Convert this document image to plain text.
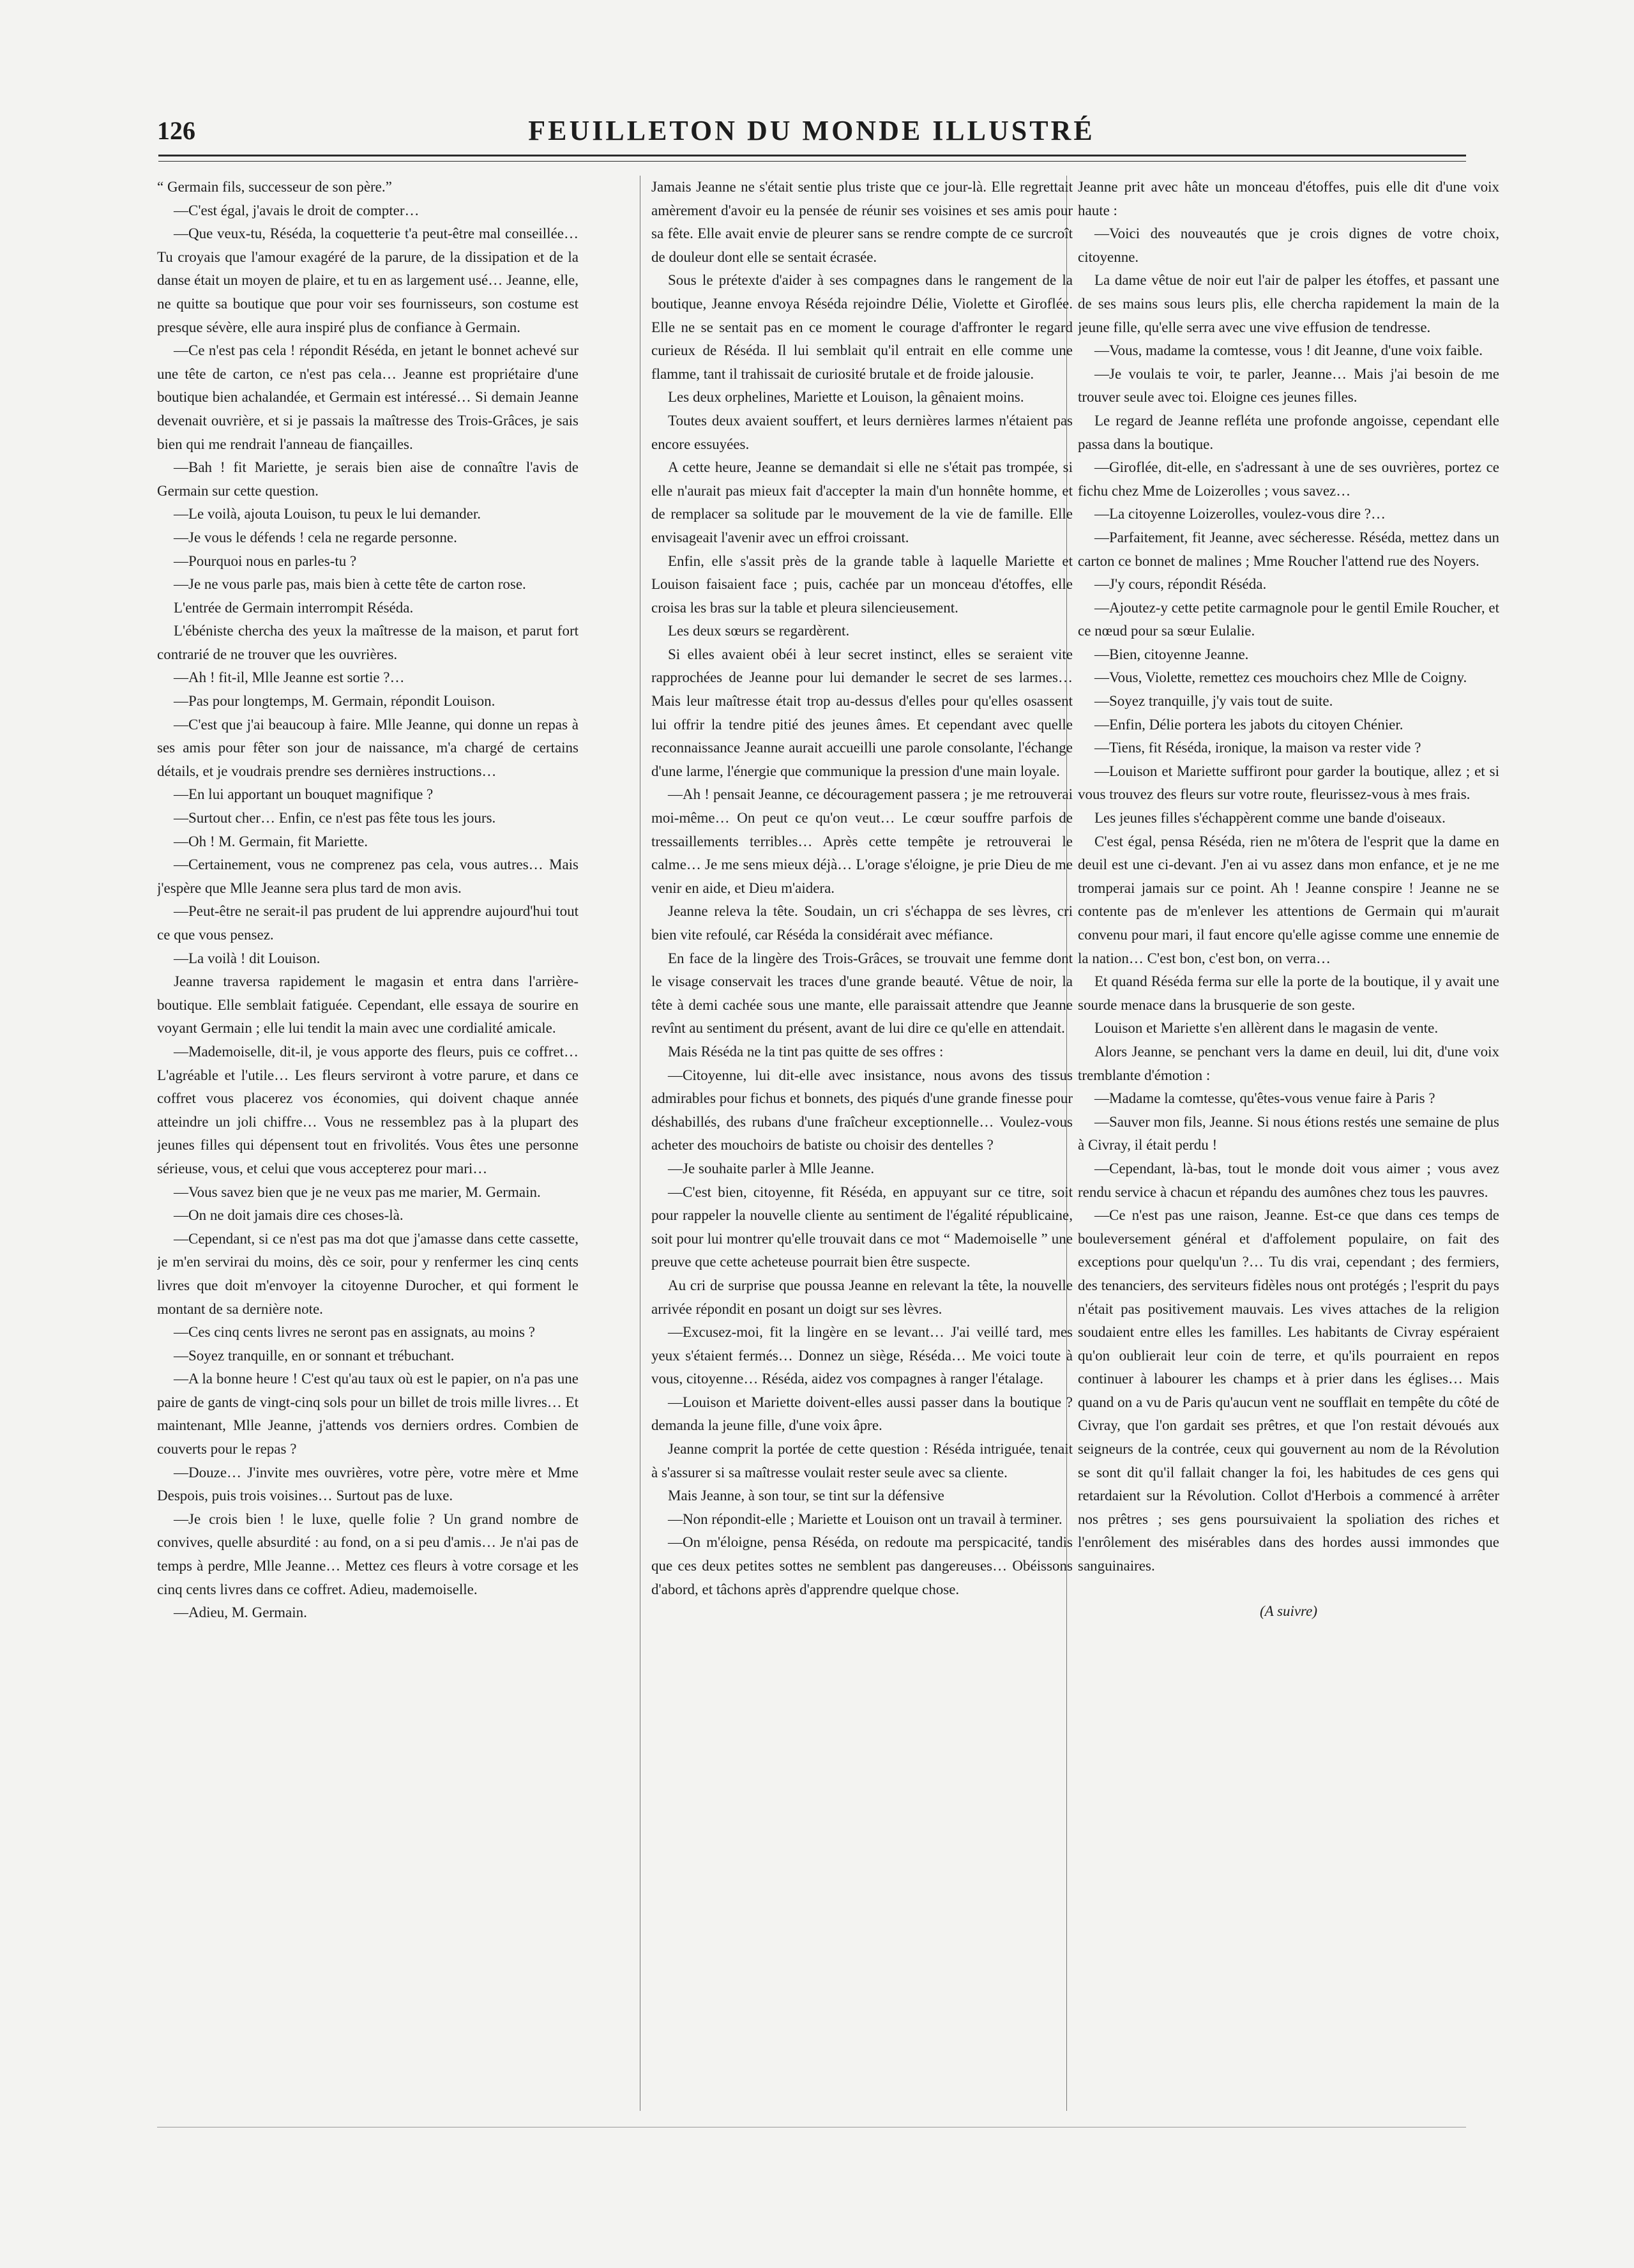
126	FEUILLETON DU MONDE ILLUSTRÉ

“ Germain fils, successeur de son père.”

—C'est égal, j'avais le droit de compter…

—Que veux-tu, Réséda, la coquetterie t'a peut-être mal conseillée… Tu croyais que l'amour exagéré de la parure, de la dissipation et de la danse était un moyen de plaire, et tu en as largement usé… Jeanne, elle, ne quitte sa boutique que pour voir ses fournisseurs, son costume est presque sévère, elle aura inspiré plus de confiance à Germain.

—Ce n'est pas cela ! répondit Réséda, en jetant le bonnet achevé sur une tête de carton, ce n'est pas cela… Jeanne est propriétaire d'une boutique bien achalandée, et Germain est intéressé… Si demain Jeanne devenait ouvrière, et si je passais la maîtresse des Trois-Grâces, je sais bien qui me rendrait l'anneau de fiançailles.

—Bah ! fit Mariette, je serais bien aise de connaître l'avis de Germain sur cette question.

—Le voilà, ajouta Louison, tu peux le lui demander.

—Je vous le défends ! cela ne regarde personne.

—Pourquoi nous en parles-tu ?

—Je ne vous parle pas, mais bien à cette tête de carton rose.

L'entrée de Germain interrompit Réséda.

L'ébéniste chercha des yeux la maîtresse de la maison, et parut fort contrarié de ne trouver que les ouvrières.

—Ah ! fit-il, Mlle Jeanne est sortie ?…

—Pas pour longtemps, M. Germain, répondit Louison.

—C'est que j'ai beaucoup à faire. Mlle Jeanne, qui donne un repas à ses amis pour fêter son jour de naissance, m'a chargé de certains détails, et je voudrais prendre ses dernières instructions…

—En lui apportant un bouquet magnifique ?

—Surtout cher… Enfin, ce n'est pas fête tous les jours.

—Oh ! M. Germain, fit Mariette.

—Certainement, vous ne comprenez pas cela, vous autres… Mais j'espère que Mlle Jeanne sera plus tard de mon avis.

—Peut-être ne serait-il pas prudent de lui apprendre aujourd'hui tout ce que vous pensez.

—La voilà ! dit Louison.

Jeanne traversa rapidement le magasin et entra dans l'arrière-boutique. Elle semblait fatiguée. Cependant, elle essaya de sourire en voyant Germain ; elle lui tendit la main avec une cordialité amicale.

—Mademoiselle, dit-il, je vous apporte des fleurs, puis ce coffret… L'agréable et l'utile… Les fleurs serviront à votre parure, et dans ce coffret vous placerez vos économies, qui doivent chaque année atteindre un joli chiffre… Vous ne ressemblez pas à la plupart des jeunes filles qui dépensent tout en frivolités. Vous êtes une personne sérieuse, vous, et celui que vous accepterez pour mari…

—Vous savez bien que je ne veux pas me marier, M. Germain.

—On ne doit jamais dire ces choses-là.

—Cependant, si ce n'est pas ma dot que j'amasse dans cette cassette, je m'en servirai du moins, dès ce soir, pour y renfermer les cinq cents livres que doit m'envoyer la citoyenne Durocher, et qui forment le montant de sa dernière note.

—Ces cinq cents livres ne seront pas en assignats, au moins ?

—Soyez tranquille, en or sonnant et trébuchant.

—A la bonne heure ! C'est qu'au taux où est le papier, on n'a pas une paire de gants de vingt-cinq sols pour un billet de trois mille livres… Et maintenant, Mlle Jeanne, j'attends vos derniers ordres. Combien de couverts pour le repas ?

—Douze… J'invite mes ouvrières, votre père, votre mère et Mme Despois, puis trois voisines… Surtout pas de luxe.

—Je crois bien ! le luxe, quelle folie ? Un grand nombre de convives, quelle absurdité : au fond, on a si peu d'amis… Je n'ai pas de temps à perdre, Mlle Jeanne… Mettez ces fleurs à votre corsage et les cinq cents livres dans ce coffret. Adieu, mademoiselle.

—Adieu, M. Germain.

Jamais Jeanne ne s'était sentie plus triste que ce jour-là. Elle regrettait amèrement d'avoir eu la pensée de réunir ses voisines et ses amis pour sa fête. Elle avait envie de pleurer sans se rendre compte de ce surcroît de douleur dont elle se sentait écrasée.

Sous le prétexte d'aider à ses compagnes dans le rangement de la boutique, Jeanne envoya Réséda rejoindre Délie, Violette et Giroflée. Elle ne se sentait pas en ce moment le courage d'affronter le regard curieux de Réséda. Il lui semblait qu'il entrait en elle comme une flamme, tant il trahissait de curiosité brutale et de froide jalousie.

Les deux orphelines, Mariette et Louison, la gênaient moins.

Toutes deux avaient souffert, et leurs dernières larmes n'étaient pas encore essuyées.

A cette heure, Jeanne se demandait si elle ne s'était pas trompée, si elle n'aurait pas mieux fait d'accepter la main d'un honnête homme, et de remplacer sa solitude par le mouvement de la vie de famille. Elle envisageait l'avenir avec un effroi croissant.

Enfin, elle s'assit près de la grande table à laquelle Mariette et Louison faisaient face ; puis, cachée par un monceau d'étoffes, elle croisa les bras sur la table et pleura silencieusement.

Les deux sœurs se regardèrent.

Si elles avaient obéi à leur secret instinct, elles se seraient vite rapprochées de Jeanne pour lui demander le secret de ses larmes… Mais leur maîtresse était trop au-dessus d'elles pour qu'elles osassent lui offrir la tendre pitié des jeunes âmes. Et cependant avec quelle reconnaissance Jeanne aurait accueilli une parole consolante, l'échange d'une larme, l'énergie que communique la pression d'une main loyale.

—Ah ! pensait Jeanne, ce découragement passera ; je me retrouverai moi-même… On peut ce qu'on veut… Le cœur souffre parfois de tressaillements terribles… Après cette tempête je retrouverai le calme… Je me sens mieux déjà… L'orage s'éloigne, je prie Dieu de me venir en aide, et Dieu m'aidera.

Jeanne releva la tête. Soudain, un cri s'échappa de ses lèvres, cri bien vite refoulé, car Réséda la considérait avec méfiance.

En face de la lingère des Trois-Grâces, se trouvait une femme dont le visage conservait les traces d'une grande beauté. Vêtue de noir, la tête à demi cachée sous une mante, elle paraissait attendre que Jeanne revînt au sentiment du présent, avant de lui dire ce qu'elle en attendait.

Mais Réséda ne la tint pas quitte de ses offres :

—Citoyenne, lui dit-elle avec insistance, nous avons des tissus admirables pour fichus et bonnets, des piqués d'une grande finesse pour déshabillés, des rubans d'une fraîcheur exceptionnelle… Voulez-vous acheter des mouchoirs de batiste ou choisir des dentelles ?

—Je souhaite parler à Mlle Jeanne.

—C'est bien, citoyenne, fit Réséda, en appuyant sur ce titre, soit pour rappeler la nouvelle cliente au sentiment de l'égalité républicaine, soit pour lui montrer qu'elle trouvait dans ce mot “ Mademoiselle ” une preuve que cette acheteuse pourrait bien être suspecte.

Au cri de surprise que poussa Jeanne en relevant la tête, la nouvelle arrivée répondit en posant un doigt sur ses lèvres.

—Excusez-moi, fit la lingère en se levant… J'ai veillé tard, mes yeux s'étaient fermés… Donnez un siège, Réséda… Me voici toute à vous, citoyenne… Réséda, aidez vos compagnes à ranger l'étalage.

—Louison et Mariette doivent-elles aussi passer dans la boutique ? demanda la jeune fille, d'une voix âpre.

Jeanne comprit la portée de cette question : Réséda intriguée, tenait à s'assurer si sa maîtresse voulait rester seule avec sa cliente.

Mais Jeanne, à son tour, se tint sur la défensive

—Non répondit-elle ; Mariette et Louison ont un travail à terminer.

—On m'éloigne, pensa Réséda, on redoute ma perspicacité, tandis que ces deux petites sottes ne semblent pas dangereuses… Obéissons d'abord, et tâchons après d'apprendre quelque chose.

Jeanne prit avec hâte un monceau d'étoffes, puis elle dit d'une voix haute :

—Voici des nouveautés que je crois dignes de votre choix, citoyenne.

La dame vêtue de noir eut l'air de palper les étoffes, et passant une de ses mains sous leurs plis, elle chercha rapidement la main de la jeune fille, qu'elle serra avec une vive effusion de tendresse.

—Vous, madame la comtesse, vous ! dit Jeanne, d'une voix faible.

—Je voulais te voir, te parler, Jeanne… Mais j'ai besoin de me trouver seule avec toi. Eloigne ces jeunes filles.

Le regard de Jeanne refléta une profonde angoisse, cependant elle passa dans la boutique.

—Giroflée, dit-elle, en s'adressant à une de ses ouvrières, portez ce fichu chez Mme de Loizerolles ; vous savez…

—La citoyenne Loizerolles, voulez-vous dire ?…

—Parfaitement, fit Jeanne, avec sécheresse. Réséda, mettez dans un carton ce bonnet de malines ; Mme Roucher l'attend rue des Noyers.

—J'y cours, répondit Réséda.

—Ajoutez-y cette petite carmagnole pour le gentil Emile Roucher, et ce nœud pour sa sœur Eulalie.

—Bien, citoyenne Jeanne.

—Vous, Violette, remettez ces mouchoirs chez Mlle de Coigny.

—Soyez tranquille, j'y vais tout de suite.

—Enfin, Délie portera les jabots du citoyen Chénier.

—Tiens, fit Réséda, ironique, la maison va rester vide ?

—Louison et Mariette suffiront pour garder la boutique, allez ; et si vous trouvez des fleurs sur votre route, fleurissez-vous à mes frais.

Les jeunes filles s'échappèrent comme une bande d'oiseaux.

C'est égal, pensa Réséda, rien ne m'ôtera de l'esprit que la dame en deuil est une ci-devant. J'en ai vu assez dans mon enfance, et je ne me tromperai jamais sur ce point. Ah ! Jeanne conspire ! Jeanne ne se contente pas de m'enlever les attentions de Germain qui m'aurait convenu pour mari, il faut encore qu'elle agisse comme une ennemie de la nation… C'est bon, c'est bon, on verra…

Et quand Réséda ferma sur elle la porte de la boutique, il y avait une sourde menace dans la brusquerie de son geste.

Louison et Mariette s'en allèrent dans le magasin de vente.

Alors Jeanne, se penchant vers la dame en deuil, lui dit, d'une voix tremblante d'émotion :

—Madame la comtesse, qu'êtes-vous venue faire à Paris ?

—Sauver mon fils, Jeanne. Si nous étions restés une semaine de plus à Civray, il était perdu !

—Cependant, là-bas, tout le monde doit vous aimer ; vous avez rendu service à chacun et répandu des aumônes chez tous les pauvres.

—Ce n'est pas une raison, Jeanne. Est-ce que dans ces temps de bouleversement général et d'affolement populaire, on fait des exceptions pour quelqu'un ?… Tu dis vrai, cependant ; des fermiers, des tenanciers, des serviteurs fidèles nous ont protégés ; l'esprit du pays n'était pas positivement mauvais. Les vives attaches de la religion soudaient entre elles les familles. Les habitants de Civray espéraient qu'on oublierait leur coin de terre, et qu'ils pourraient en repos continuer à labourer les champs et à prier dans les églises… Mais quand on a vu de Paris qu'aucun vent ne soufflait en tempête du côté de Civray, que l'on gardait ses prêtres, et que l'on restait dévoués aux seigneurs de la contrée, ceux qui gouvernent au nom de la Révolution se sont dit qu'il fallait changer la foi, les habitudes de ces gens qui retardaient sur la Révolution. Collot d'Herbois a commencé à arrêter nos prêtres ; ses gens poursuivaient la spoliation des riches et l'enrôlement des misérables dans des hordes aussi immondes que sanguinaires.

(A suivre)
